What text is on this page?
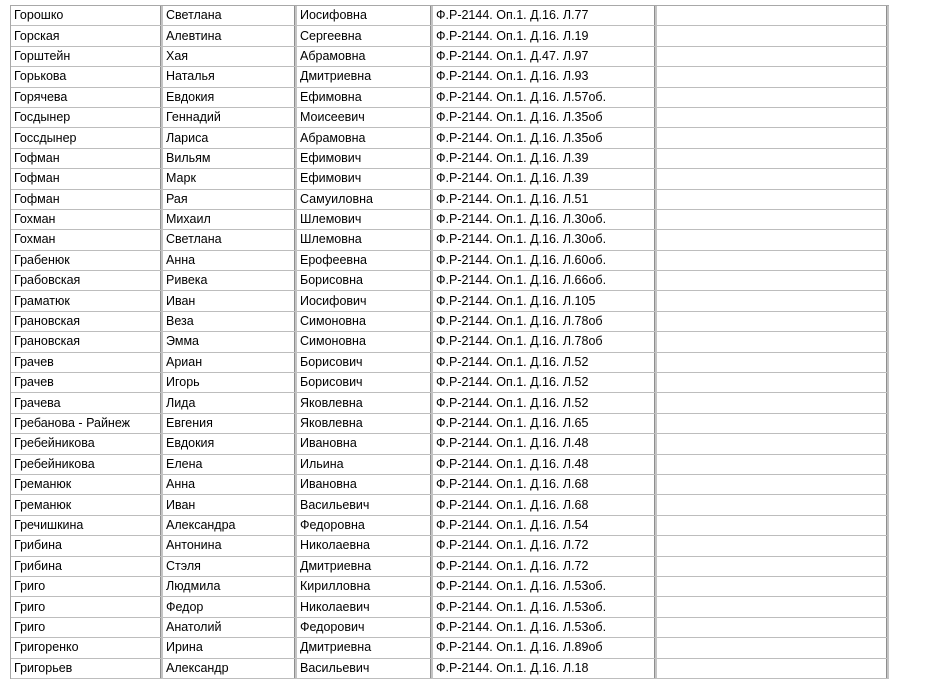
Горошко	Светлана	Иосифовна	Ф.Р-2144. Оп.1. Д.16. Л.77	
Горская	Алевтина	Сергеевна	Ф.Р-2144. Оп.1. Д.16. Л.19	
Горштейн	Хая	Абрамовна	Ф.Р-2144. Оп.1. Д.47. Л.97	
Горькова	Наталья	Дмитриевна	Ф.Р-2144. Оп.1. Д.16. Л.93	
Горячева	Евдокия	Ефимовна	Ф.Р-2144. Оп.1. Д.16. Л.57об.	
Госдынер	Геннадий	Моисеевич	Ф.Р-2144. Оп.1. Д.16. Л.35об	
Госсдынер	Лариса	Абрамовна	Ф.Р-2144. Оп.1. Д.16. Л.35об	
Гофман	Вильям	Ефимович	Ф.Р-2144. Оп.1. Д.16. Л.39	
Гофман	Марк	Ефимович	Ф.Р-2144. Оп.1. Д.16. Л.39	
Гофман	Рая	Самуиловна	Ф.Р-2144. Оп.1. Д.16. Л.51	
Гохман	Михаил	Шлемович	Ф.Р-2144. Оп.1. Д.16. Л.30об.	
Гохман	Светлана	Шлемовна	Ф.Р-2144. Оп.1. Д.16. Л.30об.	
Грабенюк	Анна	Ерофеевна	Ф.Р-2144. Оп.1. Д.16. Л.60об.	
Грабовская	Ривека	Борисовна	Ф.Р-2144. Оп.1. Д.16. Л.66об.	
Граматюк	Иван	Иосифович	Ф.Р-2144. Оп.1. Д.16. Л.105	
Грановская	Веза	Симоновна	Ф.Р-2144. Оп.1. Д.16. Л.78об	
Грановская	Эмма	Симоновна	Ф.Р-2144. Оп.1. Д.16. Л.78об	
Грачев	Ариан	Борисович	Ф.Р-2144. Оп.1. Д.16. Л.52	
Грачев	Игорь	Борисович	Ф.Р-2144. Оп.1. Д.16. Л.52	
Грачева	Лида	Яковлевна	Ф.Р-2144. Оп.1. Д.16. Л.52	
Гребанова - Райнеж	Евгения	Яковлевна	Ф.Р-2144. Оп.1. Д.16. Л.65	
Гребейникова	Евдокия	Ивановна	Ф.Р-2144. Оп.1. Д.16. Л.48	
Гребейникова	Елена	Ильина	Ф.Р-2144. Оп.1. Д.16. Л.48	
Греманюк	Анна	Ивановна	Ф.Р-2144. Оп.1. Д.16. Л.68	
Греманюк	Иван	Васильевич	Ф.Р-2144. Оп.1. Д.16. Л.68	
Гречишкина	Александра	Федоровна	Ф.Р-2144. Оп.1. Д.16. Л.54	
Грибина	Антонина	Николаевна	Ф.Р-2144. Оп.1. Д.16. Л.72	
Грибина	Стэля	Дмитриевна	Ф.Р-2144. Оп.1. Д.16. Л.72	
Григо	Людмила	Кирилловна	Ф.Р-2144. Оп.1. Д.16. Л.53об.	
Григо	Федор	Николаевич	Ф.Р-2144. Оп.1. Д.16. Л.53об.	
Григо	Анатолий	Федорович	Ф.Р-2144. Оп.1. Д.16. Л.53об.	
Григоренко	Ирина	Дмитриевна	Ф.Р-2144. Оп.1. Д.16. Л.89об	
Григорьев	Александр	Васильевич	Ф.Р-2144. Оп.1. Д.16. Л.18	
